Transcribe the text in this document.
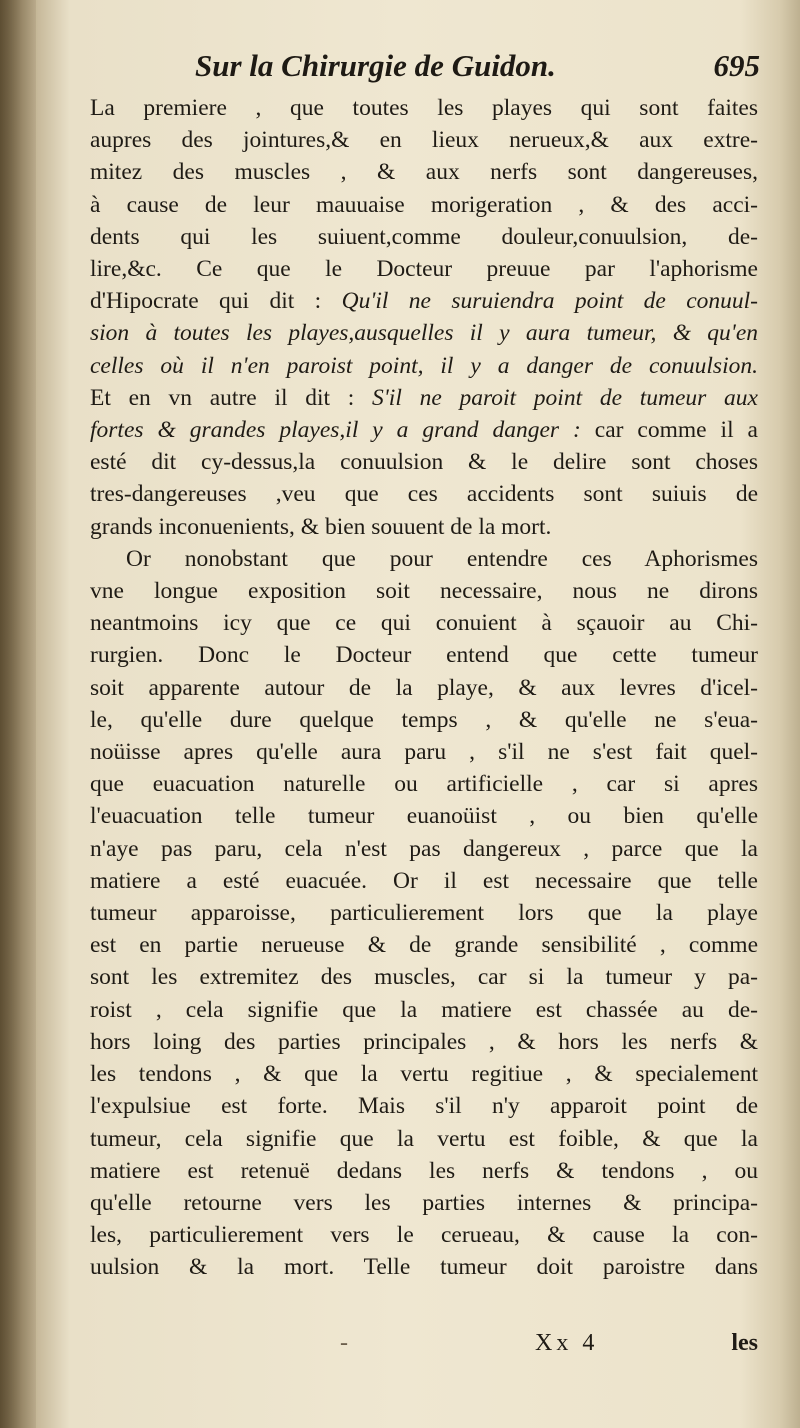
Sur la Chirurgie de Guidon.	695
La premiere , que toutes les playes qui sont faites
aupres des jointures,& en lieux nerueux,& aux extre-
mitez des muscles , & aux nerfs sont dangereuses,
à cause de leur mauuaise morigeration , & des acci-
dents qui les suiuent,comme douleur,conuulsion, de-
lire,&c. Ce que le Docteur preuue par l'aphorisme
d'Hipocrate qui dit : Qu'il ne suruiendra point de conuul-
sion à toutes les playes,ausquelles il y aura tumeur, & qu'en
celles où il n'en paroist point, il y a danger de conuulsion.
Et en vn autre il dit : S'il ne paroit point de tumeur aux
fortes & grandes playes,il y a grand danger : car comme il a
esté dit cy-dessus,la conuulsion & le delire sont choses
tres-dangereuses ,veu que ces accidents sont suiuis de
grands inconuenients, & bien souuent de la mort.
Or nonobstant que pour entendre ces Aphorismes
vne longue exposition soit necessaire, nous ne dirons
neantmoins icy que ce qui conuient à sçauoir au Chi-
rurgien. Donc le Docteur entend que cette tumeur
soit apparente autour de la playe, & aux levres d'icel-
le, qu'elle dure quelque temps , & qu'elle ne s'eua-
noüisse apres qu'elle aura paru , s'il ne s'est fait quel-
que euacuation naturelle ou artificielle , car si apres
l'euacuation telle tumeur euanoüist , ou bien qu'elle
n'aye pas paru, cela n'est pas dangereux , parce que la
matiere a esté euacuée. Or il est necessaire que telle
tumeur apparoisse, particulierement lors que la playe
est en partie nerueuse & de grande sensibilité , comme
sont les extremitez des muscles, car si la tumeur y pa-
roist , cela signifie que la matiere est chassée au de-
hors loing des parties principales , & hors les nerfs &
les tendons , & que la vertu regitiue , & specialement
l'expulsiue est forte. Mais s'il n'y apparoit point de
tumeur, cela signifie que la vertu est foible, & que la
matiere est retenuë dedans les nerfs & tendons , ou
qu'elle retourne vers les parties internes & principa-
les, particulierement vers le cerueau, & cause la con-
uulsion & la mort. Telle tumeur doit paroistre dans
-	Xx 4	les
